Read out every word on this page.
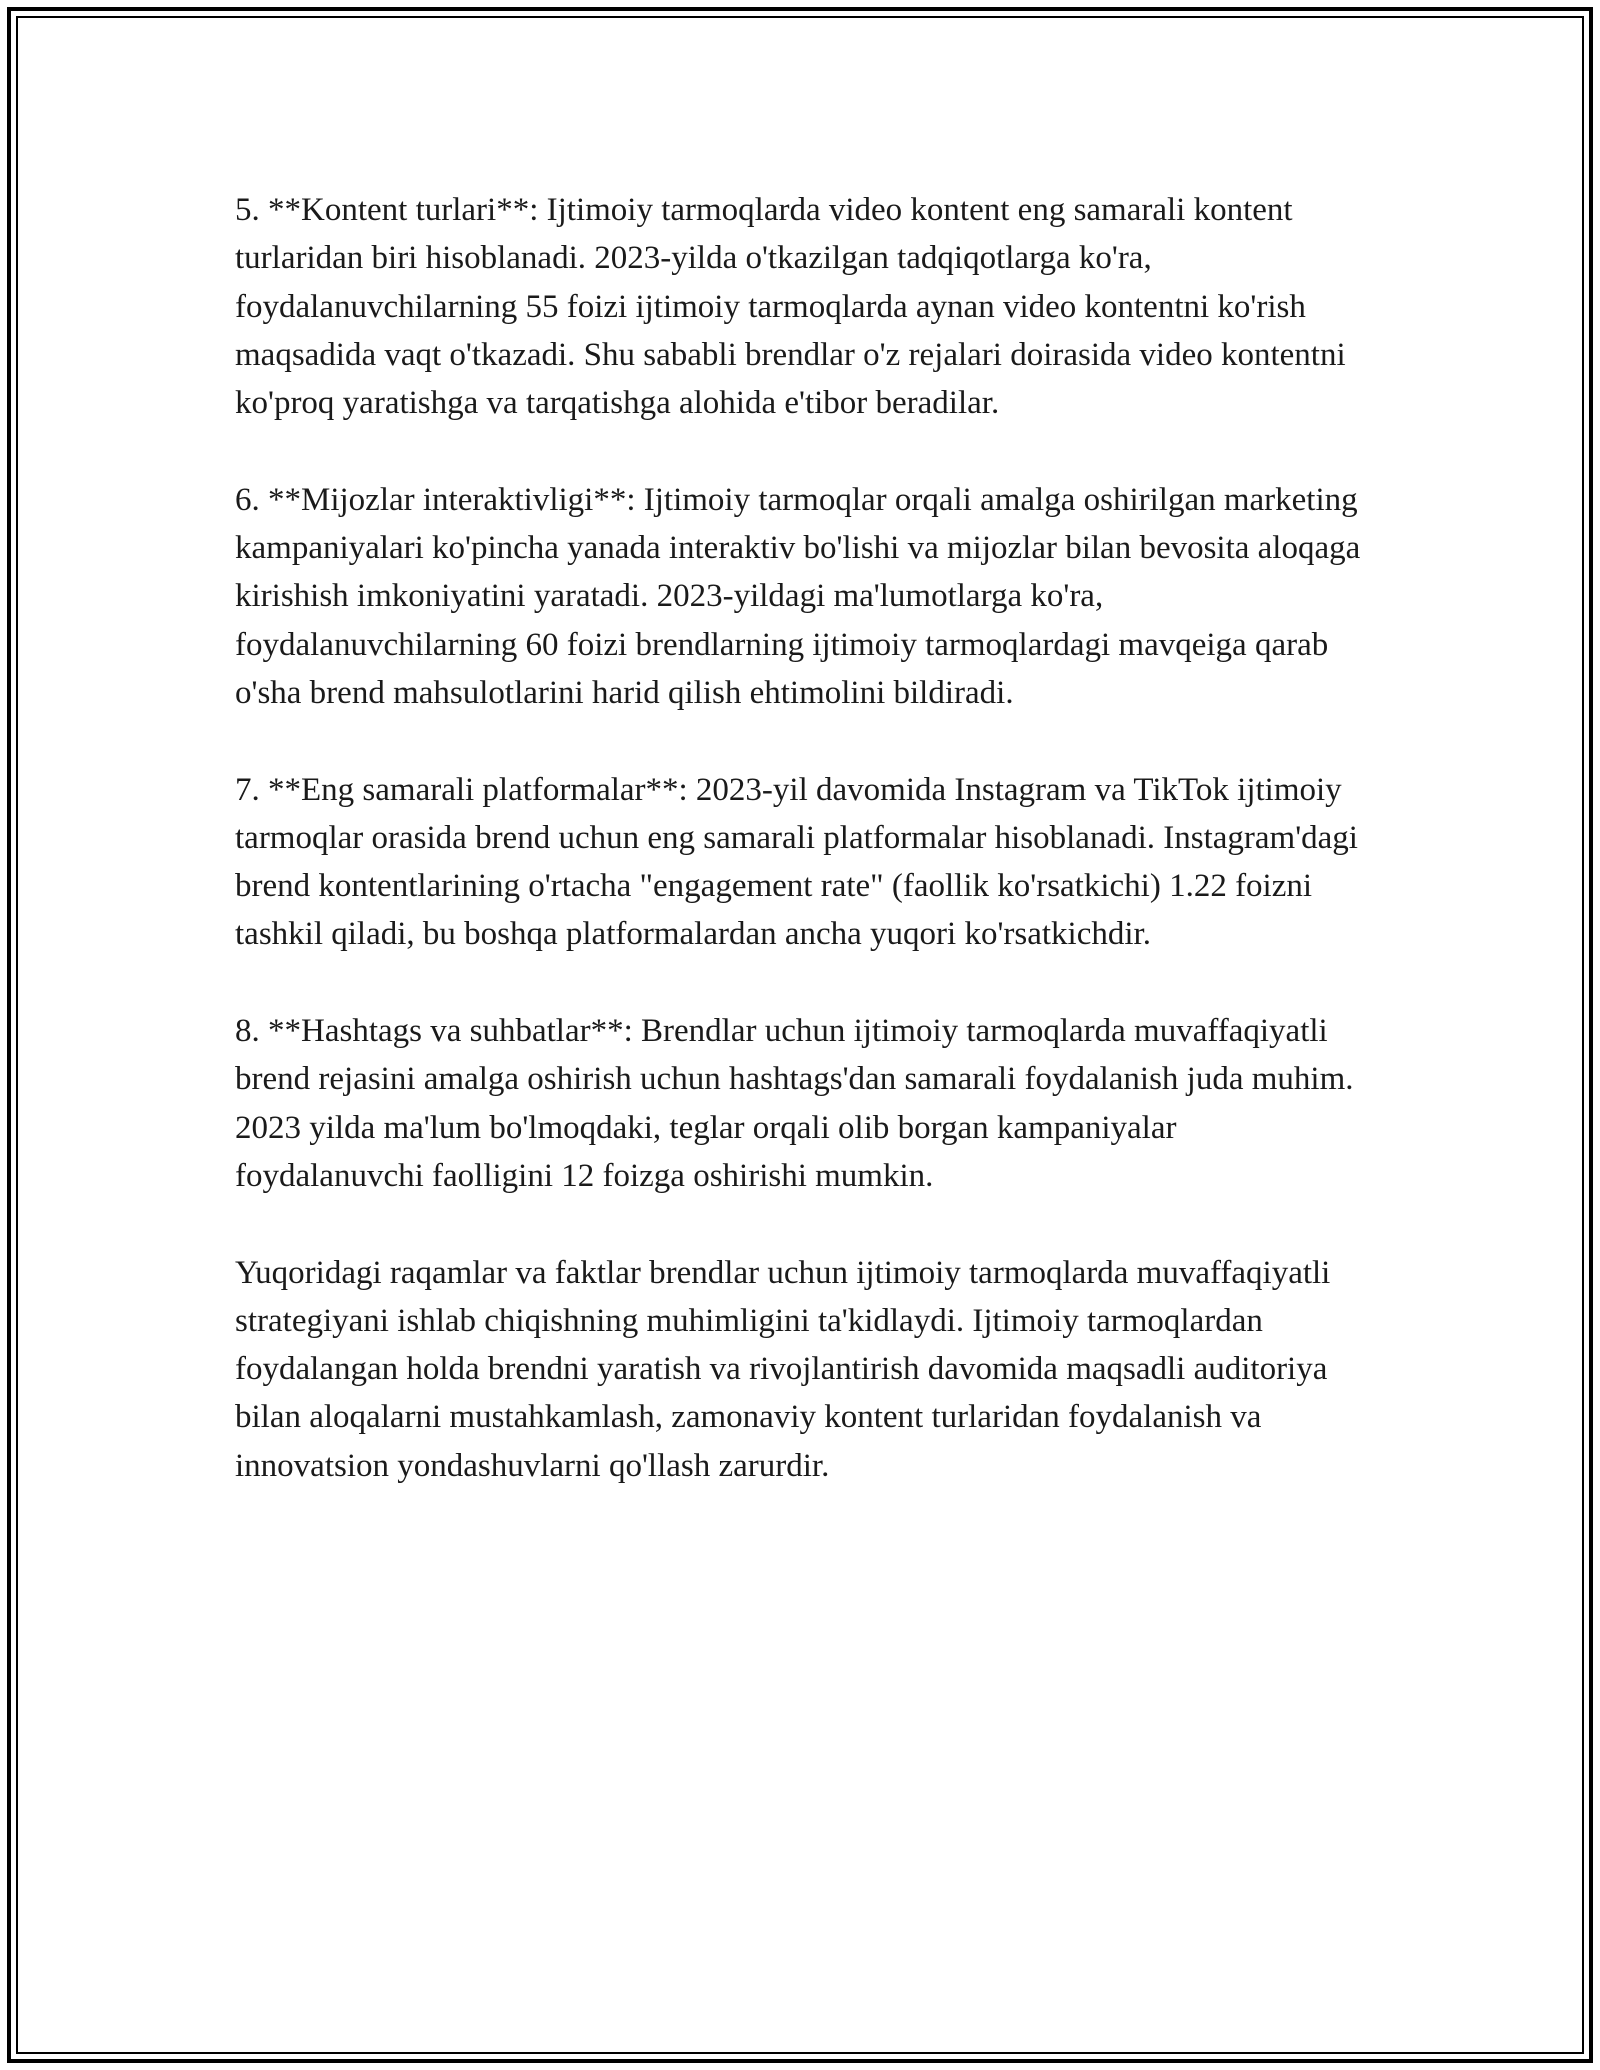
5. **Kontent turlari**: Ijtimoiy tarmoqlarda video kontent eng samarali kontent turlaridan biri hisoblanadi. 2023-yilda o'tkazilgan tadqiqotlarga ko'ra, foydalanuvchilarning 55 foizi ijtimoiy tarmoqlarda aynan video kontentni ko'rish maqsadida vaqt o'tkazadi. Shu sababli brendlar o'z rejalari doirasida video kontentni ko'proq yaratishga va tarqatishga alohida e'tibor beradilar.

6. **Mijozlar interaktivligi**: Ijtimoiy tarmoqlar orqali amalga oshirilgan marketing kampaniyalari ko'pincha yanada interaktiv bo'lishi va mijozlar bilan bevosita aloqaga kirishish imkoniyatini yaratadi. 2023-yildagi ma'lumotlarga ko'ra, foydalanuvchilarning 60 foizi brendlarning ijtimoiy tarmoqlardagi mavqeiga qarab o'sha brend mahsulotlarini harid qilish ehtimolini bildiradi.

7. **Eng samarali platformalar**: 2023-yil davomida Instagram va TikTok ijtimoiy tarmoqlar orasida brend uchun eng samarali platformalar hisoblanadi. Instagram'dagi brend kontentlarining o'rtacha "engagement rate" (faollik ko'rsatkichi) 1.22 foizni tashkil qiladi, bu boshqa platformalardan ancha yuqori ko'rsatkichdir.

8. **Hashtags va suhbatlar**: Brendlar uchun ijtimoiy tarmoqlarda muvaffaqiyatli brend rejasini amalga oshirish uchun hashtags'dan samarali foydalanish juda muhim. 2023 yilda ma'lum bo'lmoqdaki, teglar orqali olib borgan kampaniyalar foydalanuvchi faolligini 12 foizga oshirishi mumkin.

Yuqoridagi raqamlar va faktlar brendlar uchun ijtimoiy tarmoqlarda muvaffaqiyatli strategiyani ishlab chiqishning muhimligini ta'kidlaydi. Ijtimoiy tarmoqlardan foydalangan holda brendni yaratish va rivojlantirish davomida maqsadli auditoriya bilan aloqalarni mustahkamlash, zamonaviy kontent turlaridan foydalanish va innovatsion yondashuvlarni qo'llash zarurdir.
